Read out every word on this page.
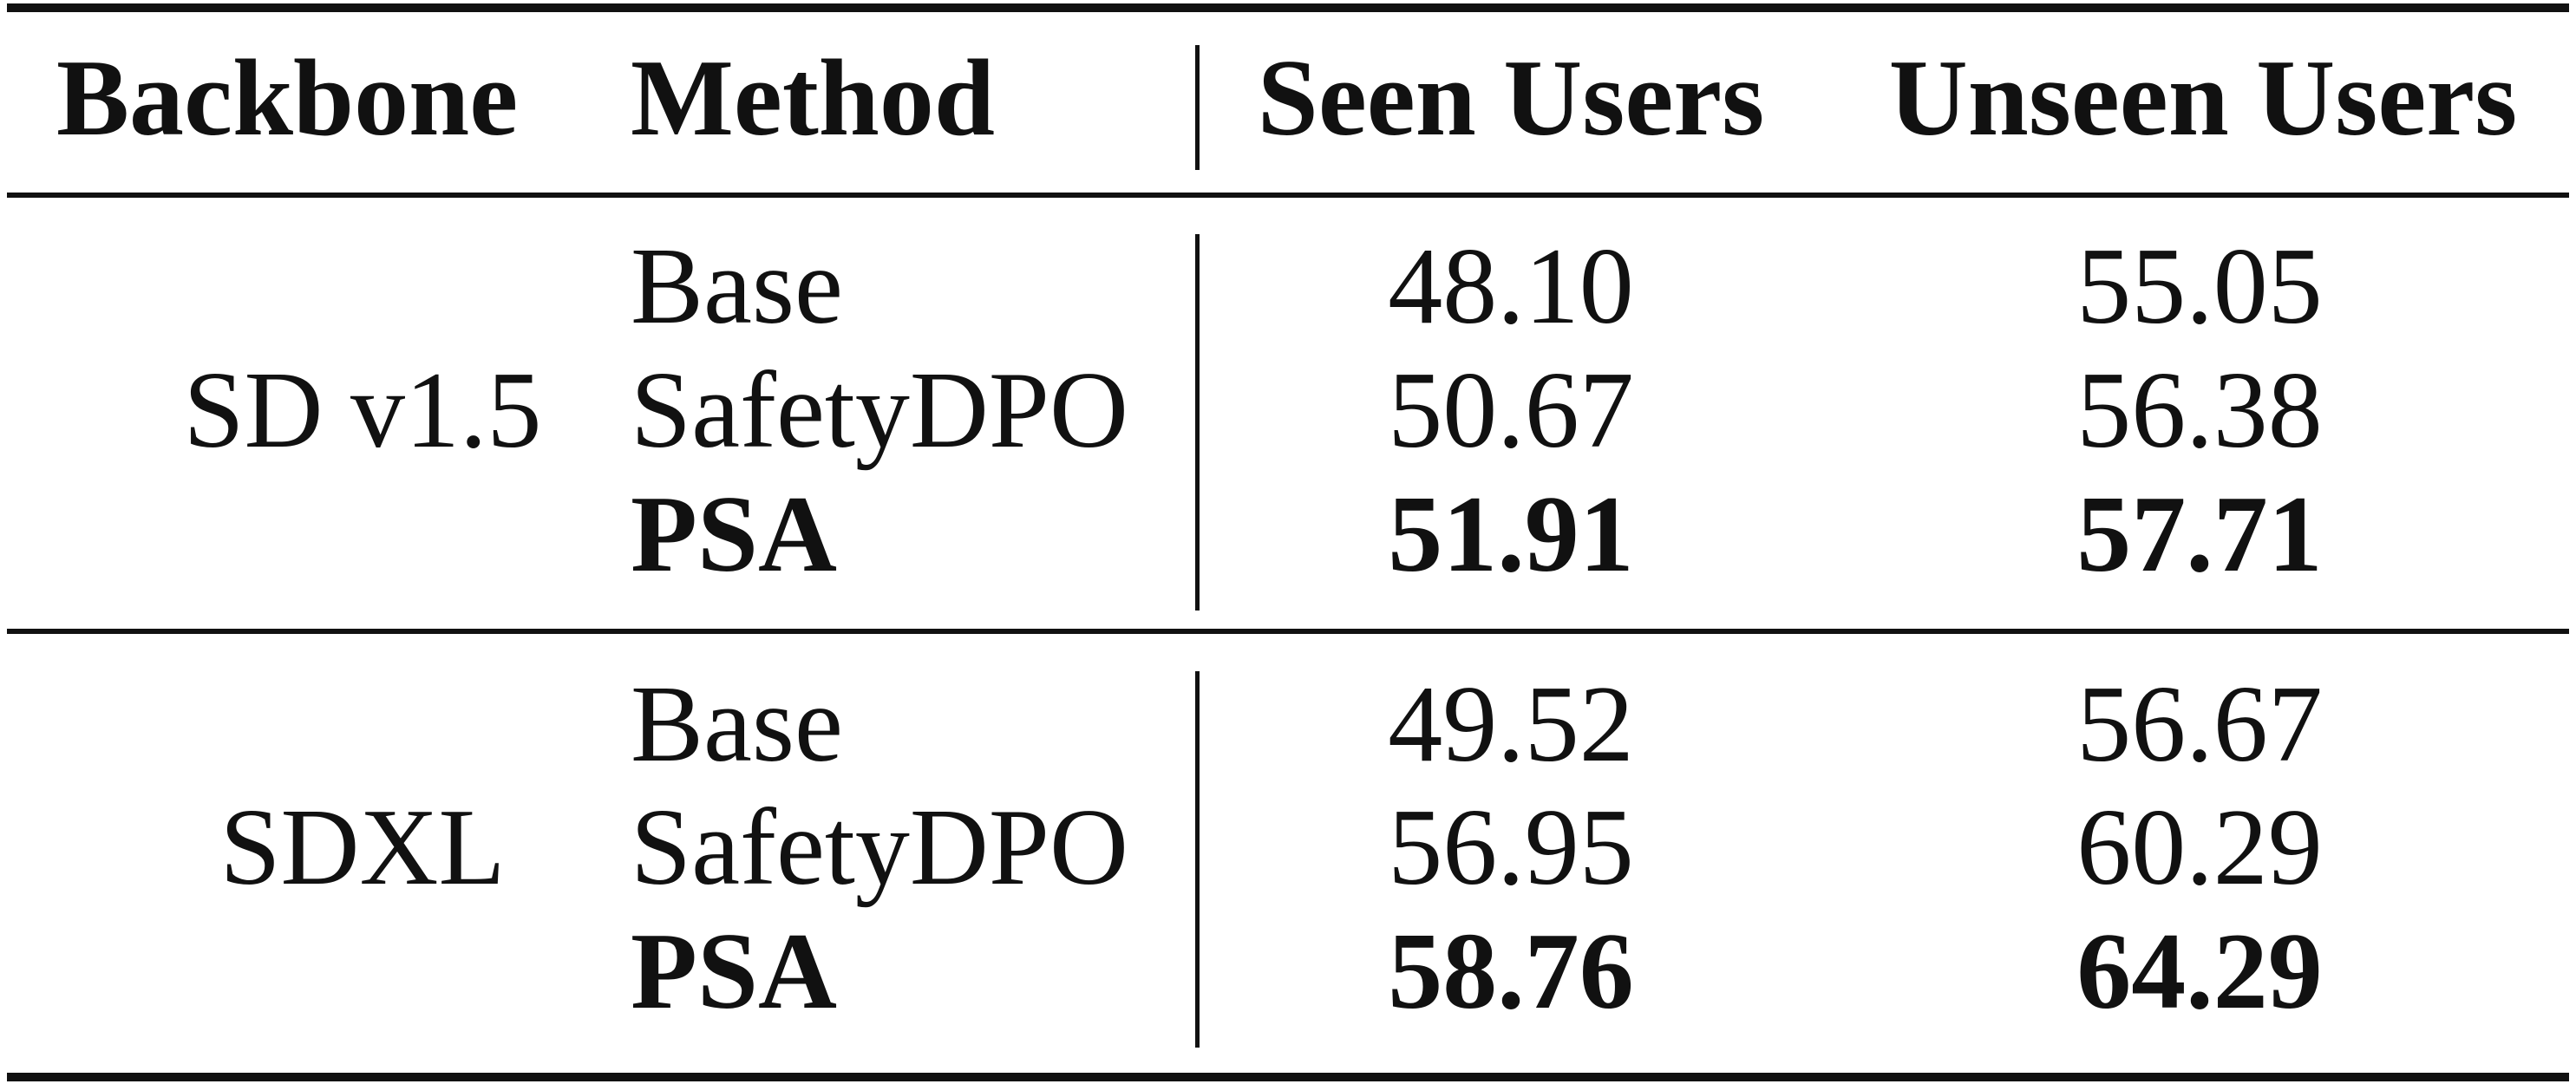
Backbone Method Seen Users Unseen Users
SD v1.5
Base
SafetyDPO
PSA
48.10
50.67
51.91
55.05
56.38
57.71
SDXL
Base
SafetyDPO
PSA
49.52
56.95
58.76
56.67
60.29
64.29
